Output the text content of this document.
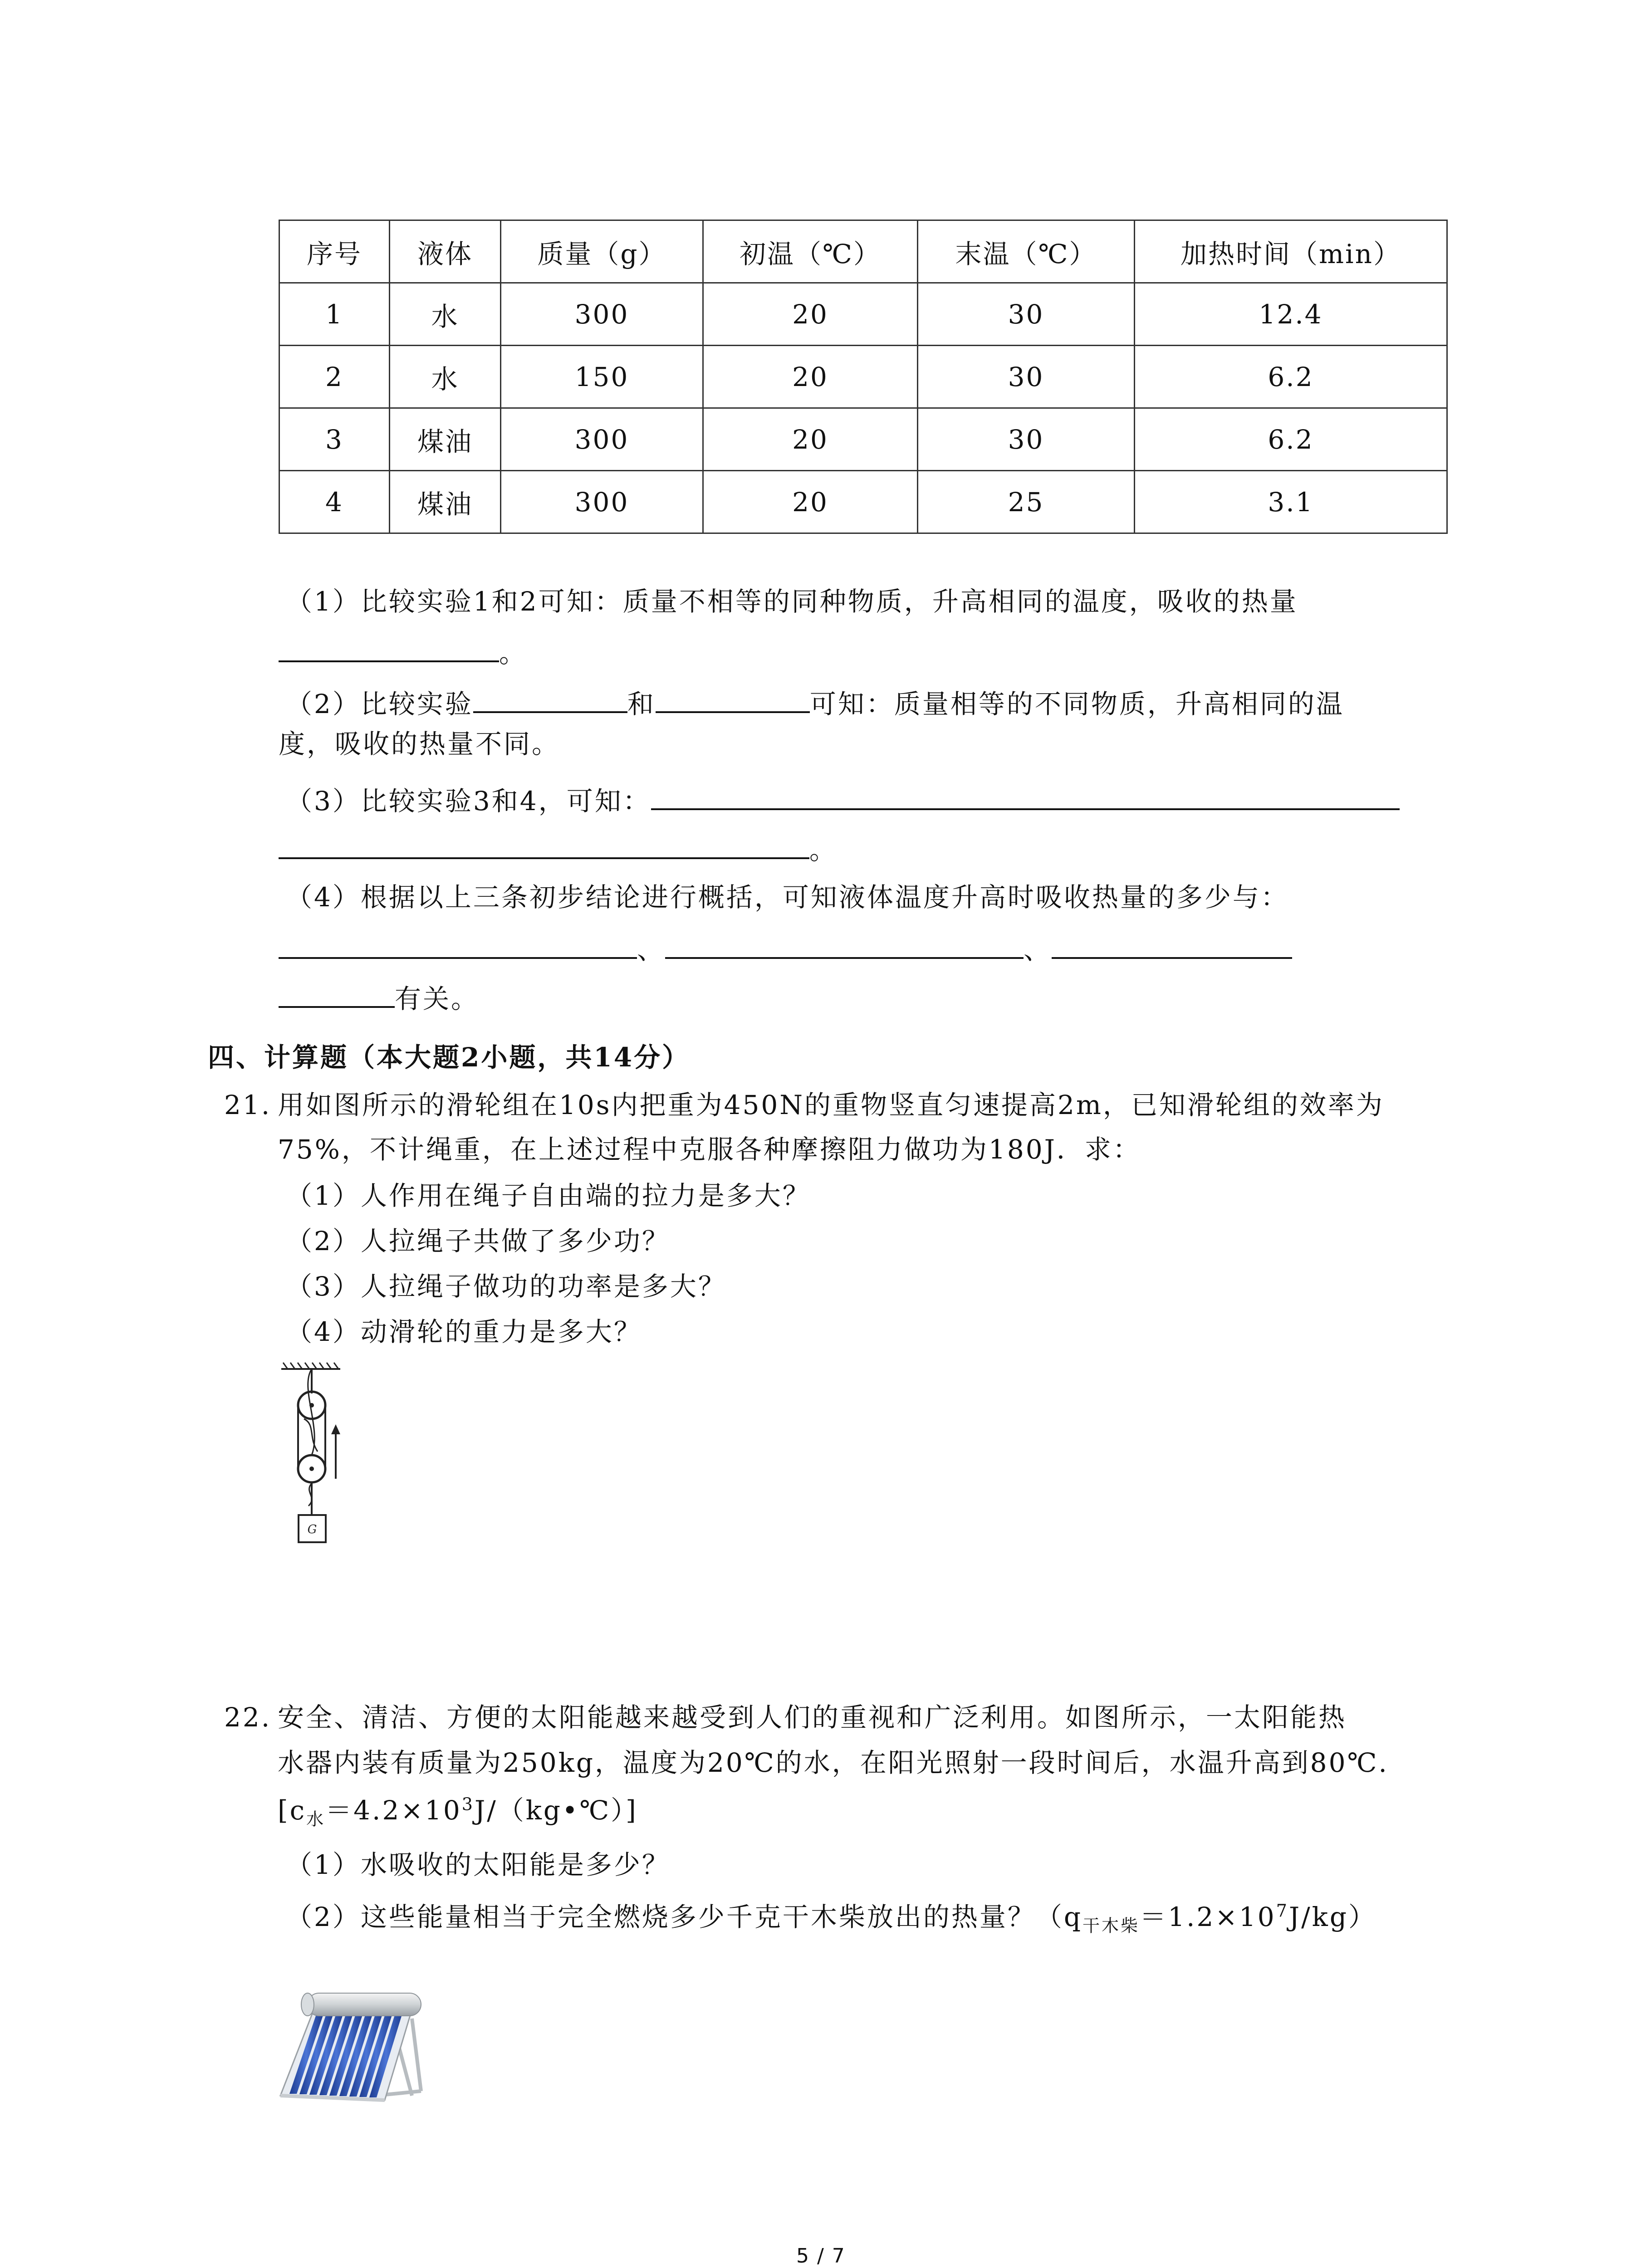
序号	液体	质量（g）	初温（℃）	末温（℃）	加热时间（min）
1	水	300	20	30	12.4
2	水	150	20	30	6.2
3	煤油	300	20	30	6.2
4	煤油	300	20	25	3.1
（1）比较实验1和2可知：质量不相等的同种物质，升高相同的温度，吸收的热量
。
（2）比较实验	和	可知：质量相等的不同物质，升高相同的温
度，吸收的热量不同。
（3）比较实验3和4，可知：
。
（4）根据以上三条初步结论进行概括，可知液体温度升高时吸收热量的多少与：
、	、
有关。
四、计算题（本大题2小题，共14分）
21. 用如图所示的滑轮组在10s内把重为450N的重物竖直匀速提高2m，已知滑轮组的效率为
75%，不计绳重，在上述过程中克服各种摩擦阻力做功为180J．求：
（1）人作用在绳子自由端的拉力是多大？
（2）人拉绳子共做了多少功？
（3）人拉绳子做功的功率是多大？
（4）动滑轮的重力是多大？
G
22. 安全、清洁、方便的太阳能越来越受到人们的重视和广泛利用。如图所示，一太阳能热
水器内装有质量为250kg，温度为20℃的水，在阳光照射一段时间后，水温升高到80℃.
$[c_水=4.2\times 10^3J/(kg•℃)]$
（1）水吸收的太阳能是多少？
（2）这些能量相当于完全燃烧多少千克干木柴放出的热量？$(q_{干木柴}=1.2\times 10^7J/kg)$
5 / 7
